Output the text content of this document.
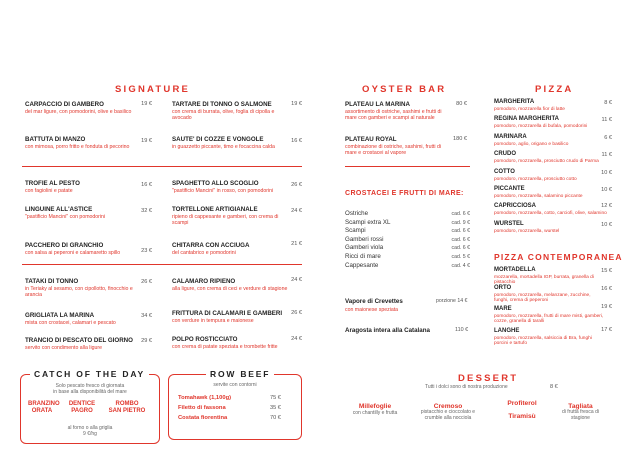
SIGNATURE
CARPACCIO DI GAMBERO
del mar ligure, con pomodorini, olive e basilico
19 €
BATTUTA DI MANZO
con mimosa, porro fritto e fonduta di pecorino
19 €
TROFIE AL PESTO
con fagiolini e patate
16 €
LINGUINE ALL'ASTICE
"pastificio Mancini" con pomodorini
32 €
PACCHERO DI GRANCHIO
con salsa ai peperoni e calamaretto spillo	23 €
TATAKI DI TONNO
in Teriaky al sesamo, con cipollotto, finocchio e arancia
26 €
GRIGLIATA LA MARINA
mista con crostacei, calamari e pescato
34 €
TRANCIO DI PESCATO DEL GIORNO
servito con condimento alla ligure
29 €
TARTARE DI TONNO O SALMONE
con crema di burrata, olive, foglia di cipolla e avocado
19 €
SAUTE' DI COZZE E VONGOLE
in guazzetto piccante, timo e focaccina calda
16 €
SPAGHETTO ALLO SCOGLIO
"pastificio Mancini" in rosso, con pomodorini
26 €
TORTELLONE ARTIGIANALE
ripieno di cappesante e gamberi, con crema di scampi
24 €
CHITARRA CON ACCIUGA
del cantabrico e pomodorini
21 €
CALAMARO RIPIENO
alla ligure, con crema di ceci e verdure di stagione
24 €
FRITTURA DI CALAMARI E GAMBERI
con verdure in tempura e maionese
26 €
POLPO ROSTICCIATO
con crema di patate speziata e trombette fritte
24 €
CATCH OF THE DAY
Solo pescato fresco di giornata
in base alla disponibilità del mare
BRANZINO
ORATA
DENTICE
PAGRO
ROMBO
SAN PIETRO
al forno o alla griglia
9 €/hg
ROW BEEF
servite con contorni
Tomahawk (1,100g)	75 €
Filetto di fassona	35 €
Costata fiorentina	70 €
OYSTER BAR
PLATEAU LA MARINA
assortimento di ostriche, sashimi e frutti di mare con gamberi e scampi al naturale
80 €
PLATEAU ROYAL
combinazione di ostriche, sashimi, frutti di mare e crostacei al vapore
180 €
CROSTACEI E FRUTTI DI MARE:
Ostriche	cad. 6 €
Scampi extra XL	cad. 9 €
Scampi	cad. 6 €
Gamberi rossi	cad. 6 €
Gamberi viola	cad. 6 €
Ricci di mare	cad. 5 €
Cappesante	cad. 4 €
Vapore di Crevettes
con maionese speziata
porzione 14 €
Aragosta intera alla Catalana	110 €
PIZZA
MARGHERITA
pomodoro, mozzarella fior di latte
8 €
REGINA MARGHERITA
pomodoro, mozzarella di bufala, pomodorini
11 €
MARINARA
pomodoro, aglio, origano e basilico
6 €
CRUDO
pomodoro, mozzarella, prosciutto crudo di Parma
11 €
COTTO
pomodoro, mozzarella, prosciutto cotto
10 €
PICCANTE
pomodoro, mozzarella, salamino piccante
10 €
CAPRICCIOSA
pomodoro, mozzarella, cotto, carciofi, olive, salamino
12 €
WURSTEL
pomodoro, mozzarella, wurstel
10 €
PIZZA CONTEMPORANEA
MORTADELLA
mozzarella, mortadella IGP, burrata, granella di pistacchio
15 €
ORTO
pomodoro, mozzarella, melanzane, zucchine, funghi, crema di peperoni
16 €
MARE
pomodoro, mozzarella, frutti di mare misti, gamberi, cozze, granella di taralli
19 €
LANGHE
pomodoro, mozzarella, salsiccia di Bra, funghi porcini e tartufo
17 €
DESSERT
Tutti i dolci sono di nostra produzione	8 €
Millefoglie
con chantilly e frutta
Cremoso
pistacchio e cioccolato e crumble alla nocciola
Profiterol
Tiramisù
Tagliata
di frutta fresca di stagione
